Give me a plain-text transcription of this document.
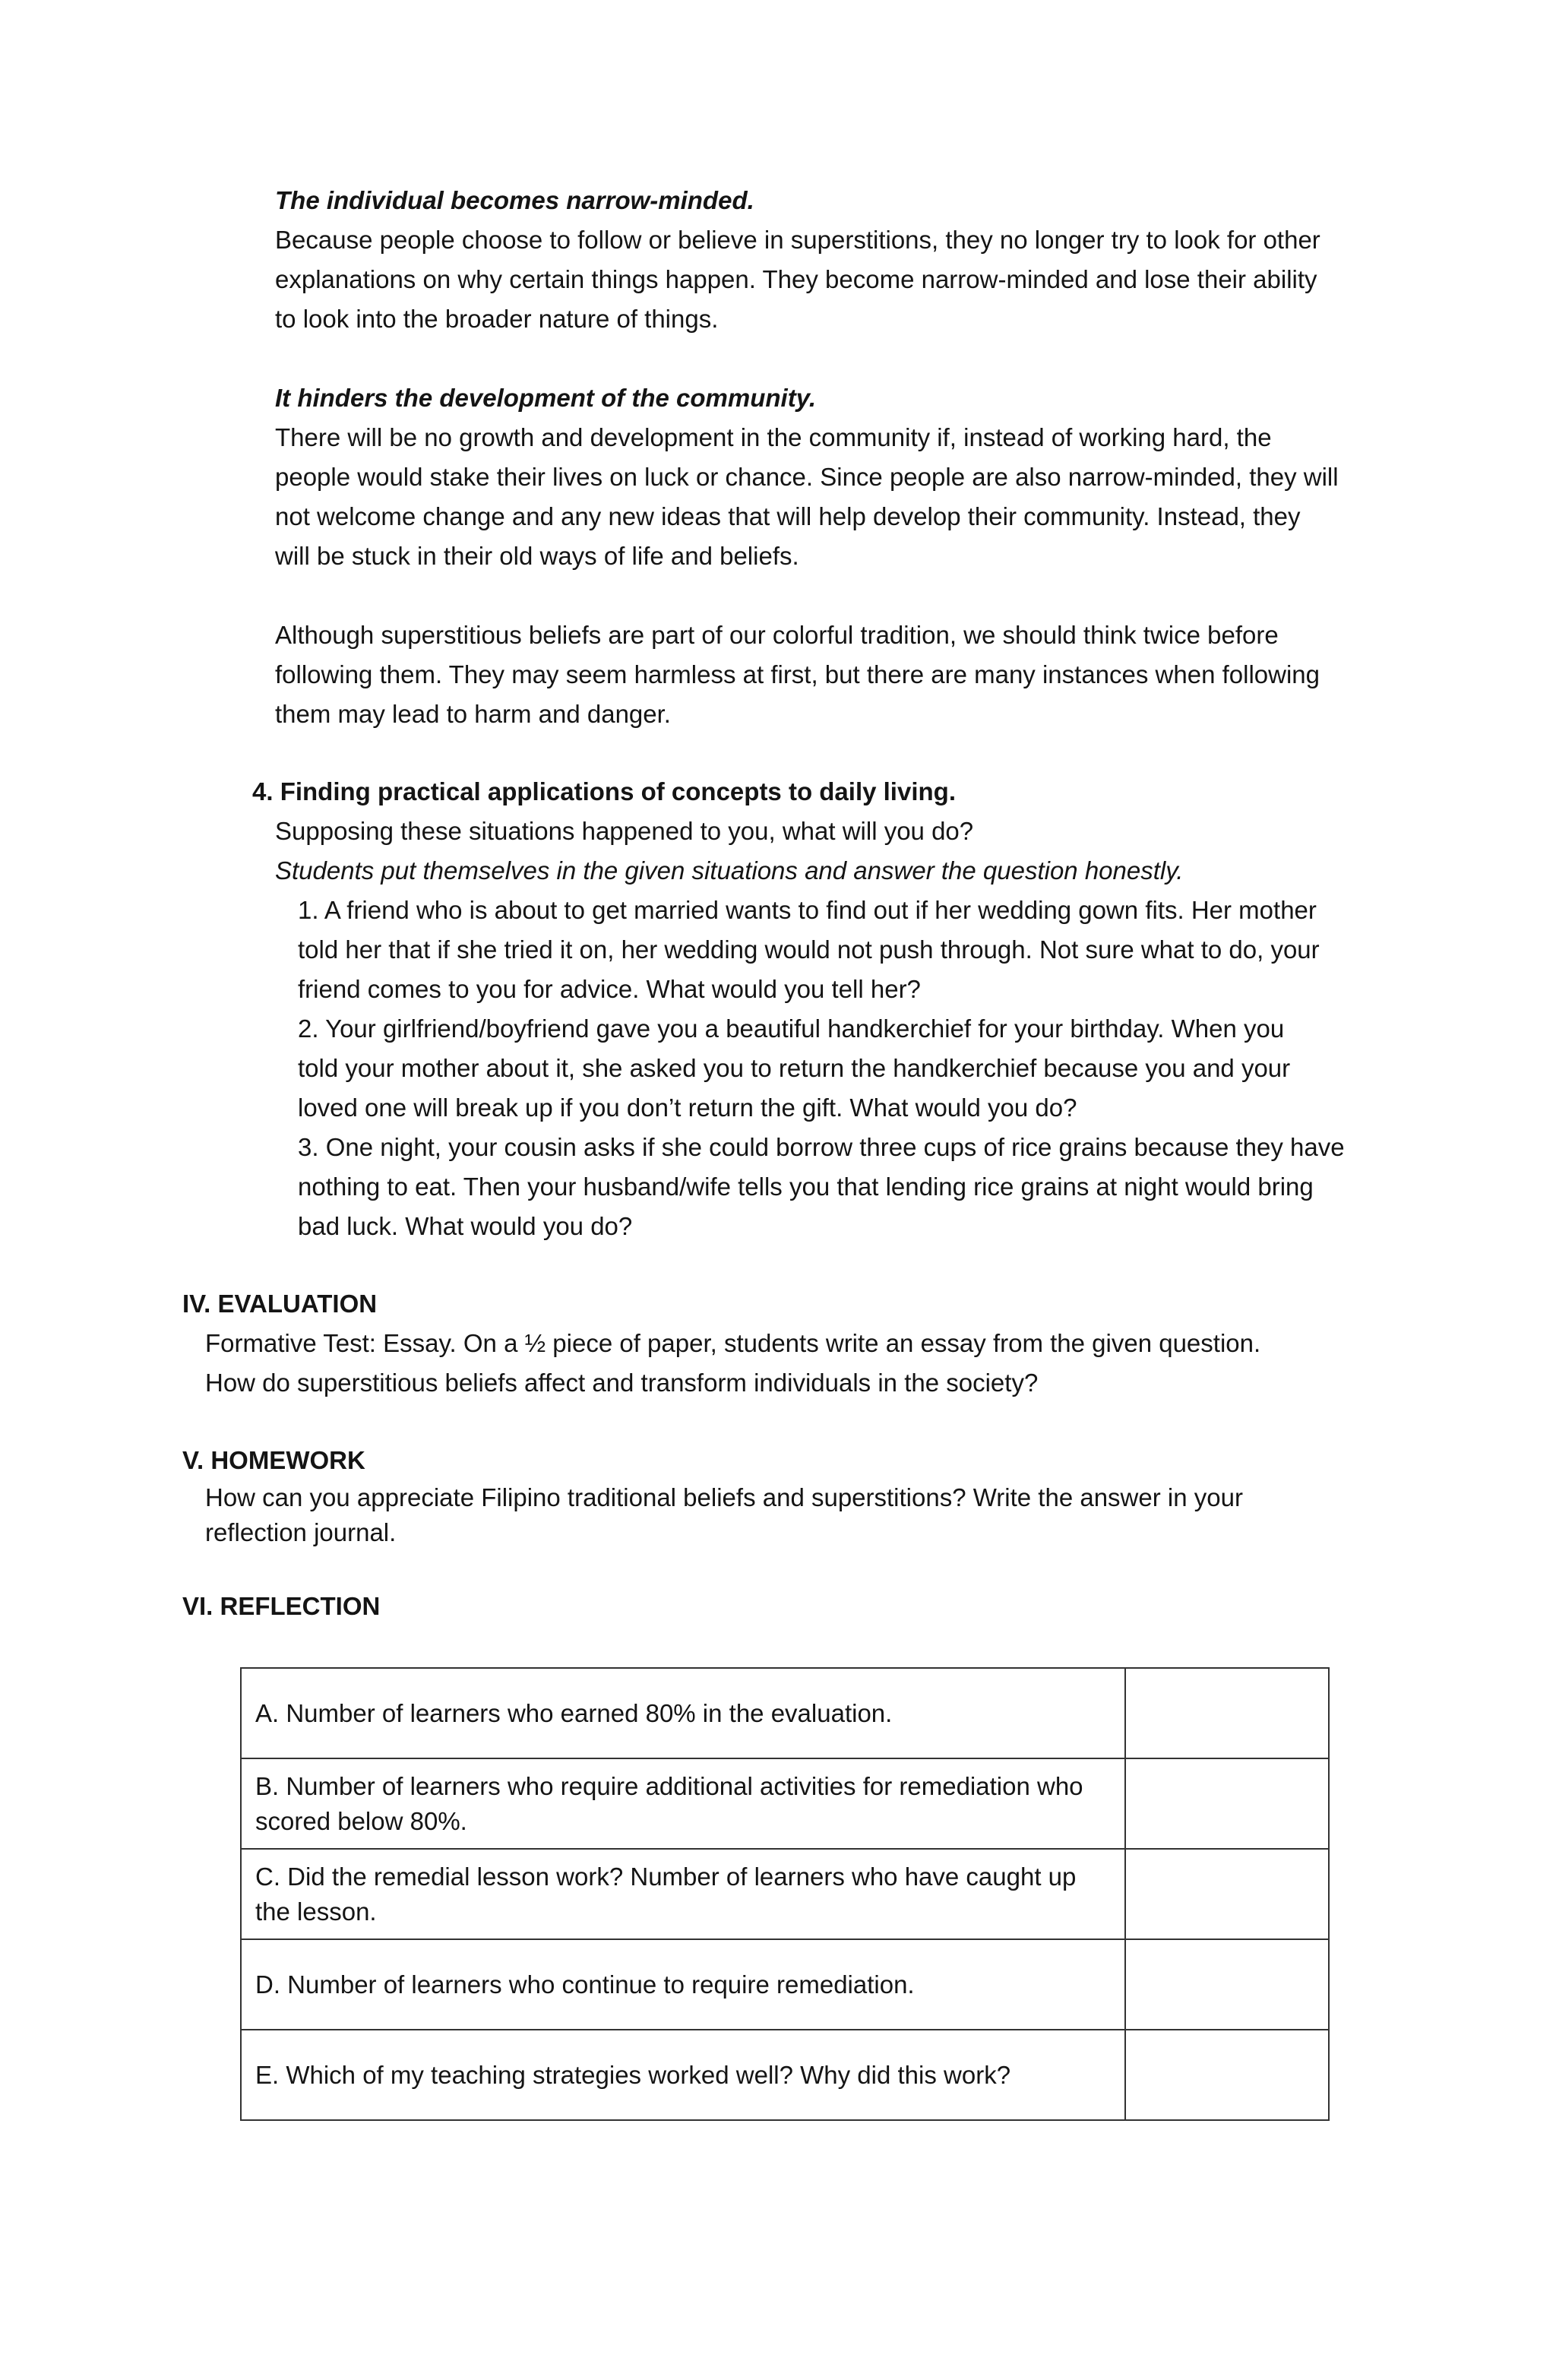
The individual becomes narrow-minded.

Because people choose to follow or believe in superstitions, they no longer try to look for other

explanations on why certain things happen. They become narrow-minded and lose their ability

to look into the broader nature of things.

It hinders the development of the community.

There will be no growth and development in the community if, instead of working hard, the

people would stake their lives on luck or chance. Since people are also narrow-minded, they will

not welcome change and any new ideas that will help develop their community. Instead, they

will be stuck in their old ways of life and beliefs.

Although superstitious beliefs are part of our colorful tradition, we should think twice before

following them. They may seem harmless at first, but there are many instances when following

them may lead to harm and danger.

4. Finding practical applications of concepts to daily living.

Supposing these situations happened to you, what will you do?

Students put themselves in the given situations and answer the question honestly.

1. A friend who is about to get married wants to find out if her wedding gown fits. Her mother

told her that if she tried it on, her wedding would not push through. Not sure what to do, your

friend comes to you for advice. What would you tell her?

2. Your girlfriend/boyfriend gave you a beautiful handkerchief for your birthday. When you

told your mother about it, she asked you to return the handkerchief because you and your

loved one will break up if you don’t return the gift. What would you do?

3. One night, your cousin asks if she could borrow three cups of rice grains because they have

nothing to eat. Then your husband/wife tells you that lending rice grains at night would bring

bad luck. What would you do?

IV. EVALUATION

Formative Test: Essay. On a ½ piece of paper, students write an essay from the given question.

How do superstitious beliefs affect and transform individuals in the society?

V. HOMEWORK

How can you appreciate Filipino traditional beliefs and superstitions? Write the answer in your

reflection journal.

VI. REFLECTION

A. Number of learners who earned 80% in the evaluation.	
B. Number of learners who require additional activities for remediation who scored below 80%.	
C. Did the remedial lesson work? Number of learners who have caught up the lesson.	
D. Number of learners who continue to require remediation.	
E. Which of my teaching strategies worked well? Why did this work?	
